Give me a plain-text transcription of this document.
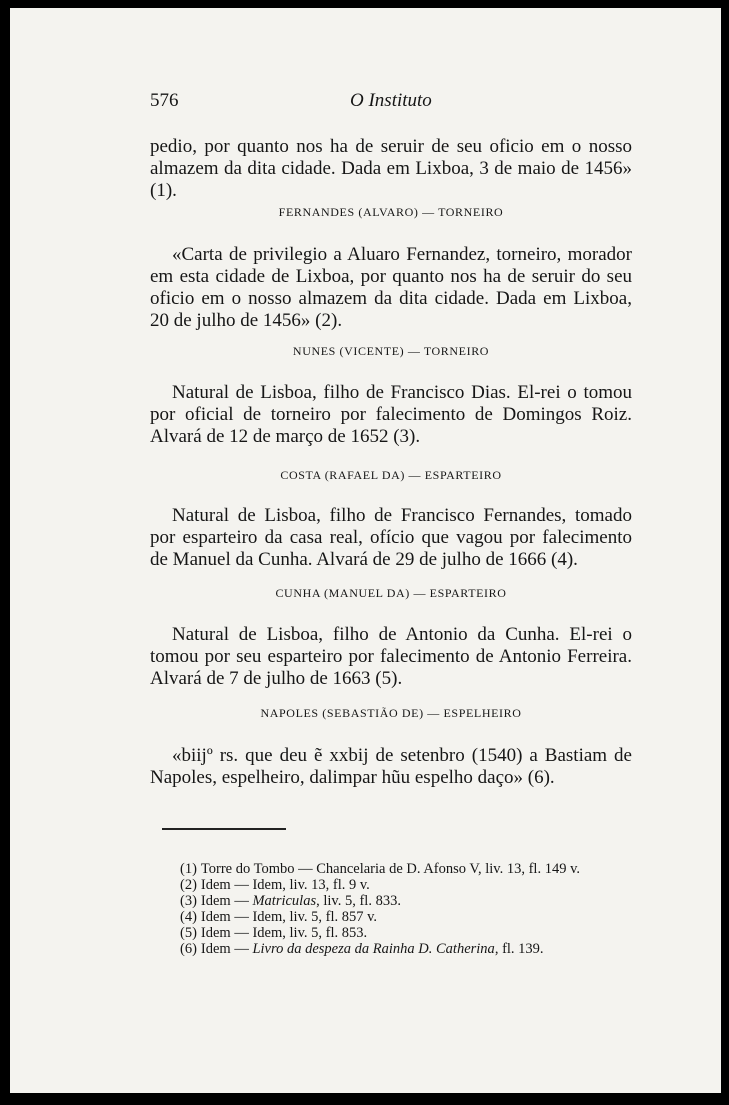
576	O Instituto

pedio, por quanto nos ha de seruir de seu oficio em o nosso almazem da dita cidade. Dada em Lixboa, 3 de maio de 1456» (1).

FERNANDES (ALVARO) — TORNEIRO

«Carta de privilegio a Aluaro Fernandez, torneiro, morador em esta cidade de Lixboa, por quanto nos ha de seruir do seu oficio em o nosso almazem da dita cidade. Dada em Lixboa, 20 de julho de 1456» (2).

NUNES (VICENTE) — TORNEIRO

Natural de Lisboa, filho de Francisco Dias. El-rei o tomou por oficial de torneiro por falecimento de Domingos Roiz. Alvará de 12 de março de 1652 (3).

COSTA (RAFAEL DA) — ESPARTEIRO

Natural de Lisboa, filho de Francisco Fernandes, tomado por esparteiro da casa real, ofício que vagou por falecimento de Manuel da Cunha. Alvará de 29 de julho de 1666 (4).

CUNHA (MANUEL DA) — ESPARTEIRO

Natural de Lisboa, filho de Antonio da Cunha. El-rei o tomou por seu esparteiro por falecimento de Antonio Ferreira. Alvará de 7 de julho de 1663 (5).

NAPOLES (SEBASTIÃO DE) — ESPELHEIRO

«biijº rs. que deu ẽ xxbij de setenbro (1540) a Bastiam de Napoles, espelheiro, dalimpar hũu espelho daço» (6).

(1) Torre do Tombo — Chancelaria de D. Afonso V, liv. 13, fl. 149 v.
(2) Idem — Idem, liv. 13, fl. 9 v.
(3) Idem — Matriculas, liv. 5, fl. 833.
(4) Idem — Idem, liv. 5, fl. 857 v.
(5) Idem — Idem, liv. 5, fl. 853.
(6) Idem — Livro da despeza da Rainha D. Catherina, fl. 139.
